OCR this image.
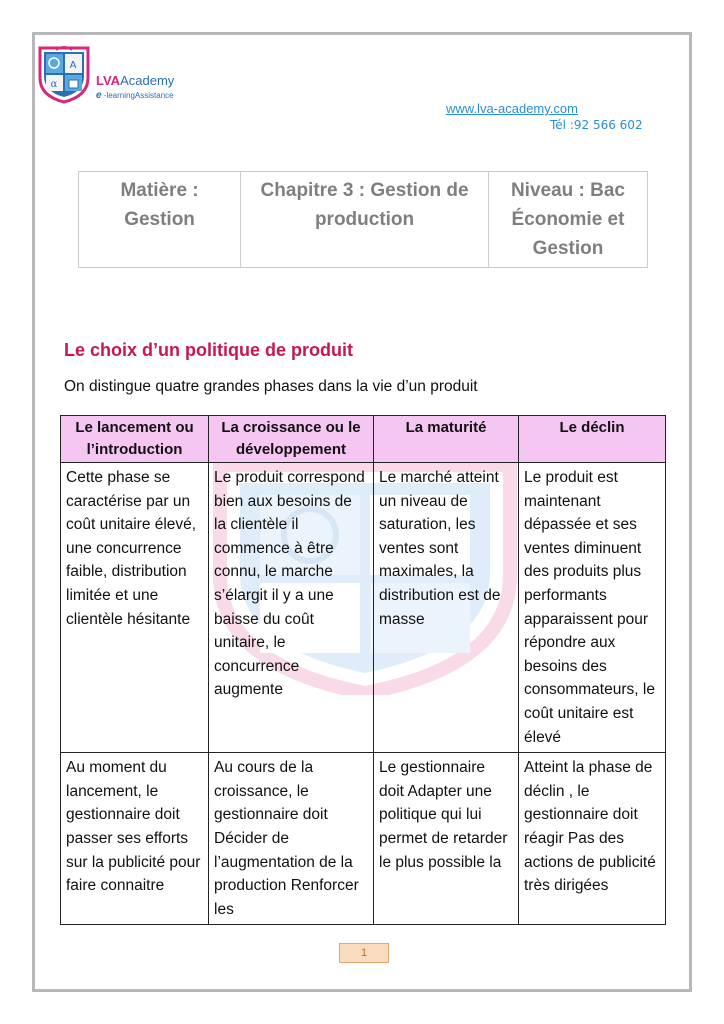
A
α	LVAAcademy
e -learningAssistance
www.lva-academy.com
Tél :92 566 602
Matière : Gestion	Chapitre 3 : Gestion de production	Niveau : Bac Économie et Gestion
Le choix d’un politique de produit
On distingue quatre grandes phases dans la vie d’un produit
Le lancement ou l’introduction	La croissance ou le développement	La maturité	Le déclin
Cette phase se caractérise par un coût unitaire élevé, une concurrence faible, distribution limitée et une clientèle hésitante	Le produit correspond bien aux besoins de la clientèle il commence à être connu, le marche s’élargit il y a une baisse du coût unitaire, le concurrence augmente	Le marché atteint un niveau de saturation, les ventes sont maximales, la distribution est de masse	Le produit est maintenant dépassée et ses ventes diminuent des produits plus performants apparaissent pour répondre aux besoins des consommateurs, le coût unitaire est élevé
Au moment du lancement, le gestionnaire doit passer ses efforts sur la publicité pour faire connaitre	Au cours de la croissance, le gestionnaire doit Décider de l’augmentation de la production Renforcer les	Le gestionnaire doit Adapter une politique qui lui permet de retarder le plus possible la	Atteint la phase de déclin , le gestionnaire doit réagir Pas des actions de publicité très dirigées
1
